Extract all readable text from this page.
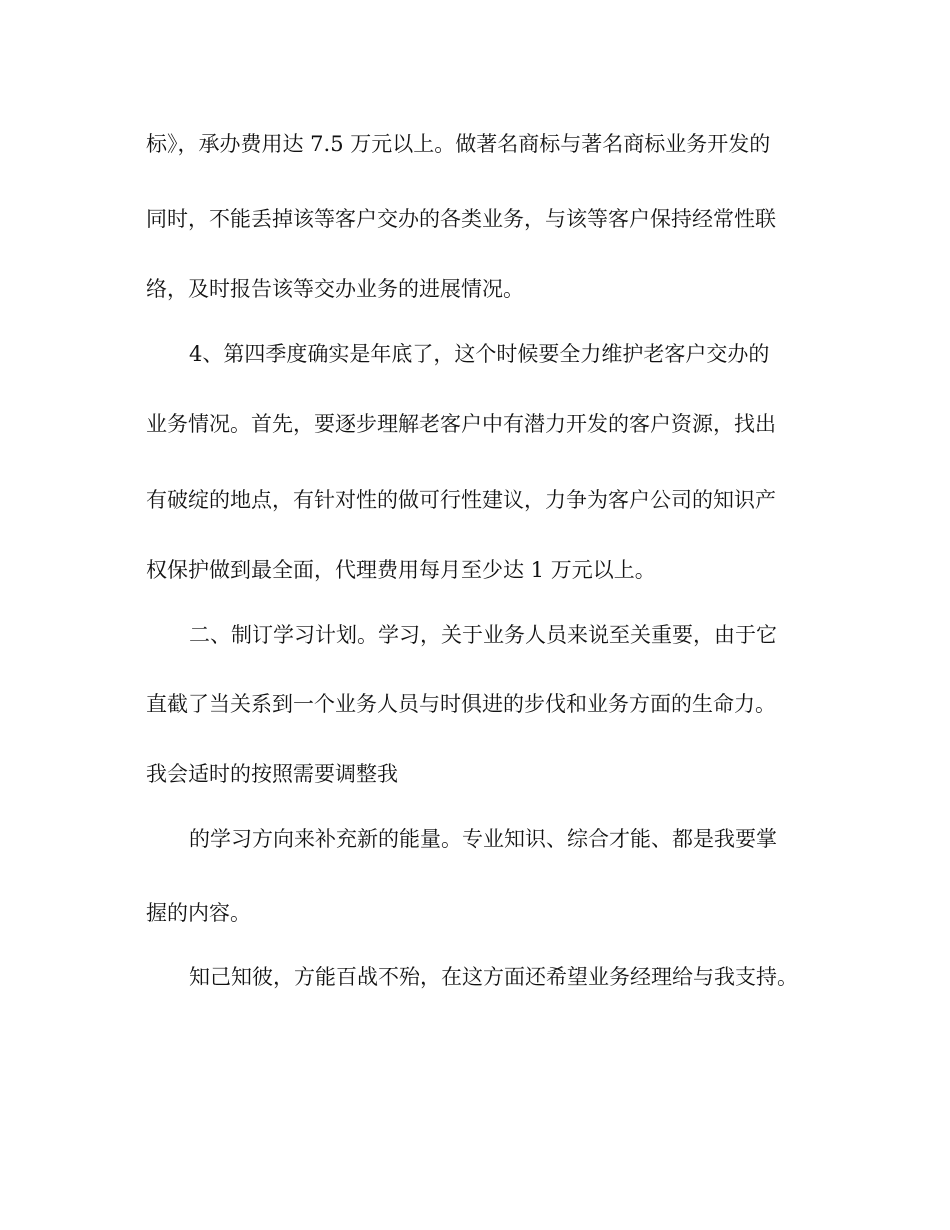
标》，承办费用达 7.5 万元以上。做著名商标与著名商标业务开发的
同时，不能丢掉该等客户交办的各类业务，与该等客户保持经常性联
络，及时报告该等交办业务的进展情况。
4、第四季度确实是年底了，这个时候要全力维护老客户交办的
业务情况。首先，要逐步理解老客户中有潜力开发的客户资源，找出
有破绽的地点，有针对性的做可行性建议，力争为客户公司的知识产
权保护做到最全面，代理费用每月至少达 1 万元以上。
二、制订学习计划。学习，关于业务人员来说至关重要，由于它
直截了当关系到一个业务人员与时俱进的步伐和业务方面的生命力。
我会适时的按照需要调整我
的学习方向来补充新的能量。专业知识、综合才能、都是我要掌
握的内容。
知己知彼，方能百战不殆，在这方面还希望业务经理给与我支持。
